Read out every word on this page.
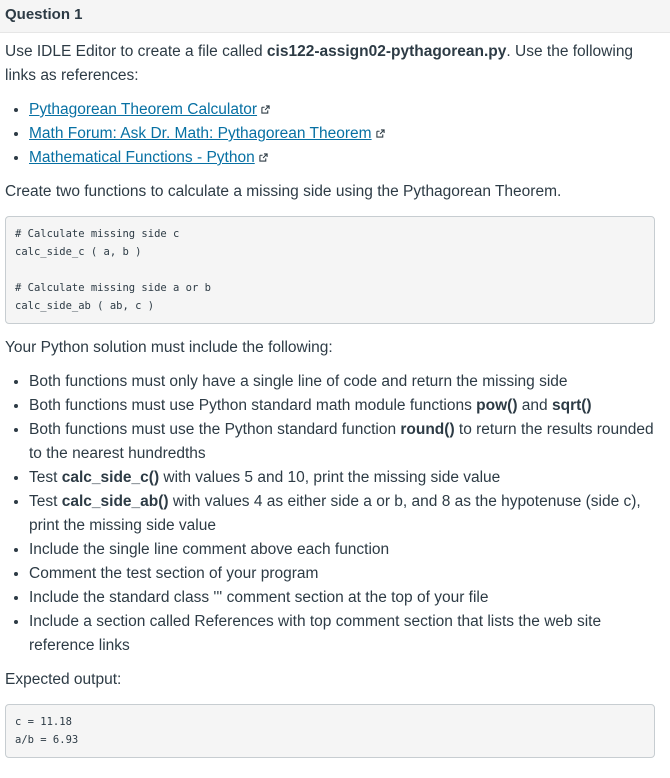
Question 1

Use IDLE Editor to create a file called cis122-assign02-pythagorean.py. Use the following links as references:

• Pythagorean Theorem Calculator
• Math Forum: Ask Dr. Math: Pythagorean Theorem
• Mathematical Functions - Python

Create two functions to calculate a missing side using the Pythagorean Theorem.

# Calculate missing side c
calc_side_c ( a, b )

# Calculate missing side a or b
calc_side_ab ( ab, c )

Your Python solution must include the following:

• Both functions must only have a single line of code and return the missing side
• Both functions must use Python standard math module functions pow() and sqrt()
• Both functions must use the Python standard function round() to return the results rounded to the nearest hundredths
• Test calc_side_c() with values 5 and 10, print the missing side value
• Test calc_side_ab() with values 4 as either side a or b, and 8 as the hypotenuse (side c), print the missing side value
• Include the single line comment above each function
• Comment the test section of your program
• Include the standard class ''' comment section at the top of your file
• Include a section called References with top comment section that lists the web site reference links

Expected output:

c = 11.18
a/b = 6.93
